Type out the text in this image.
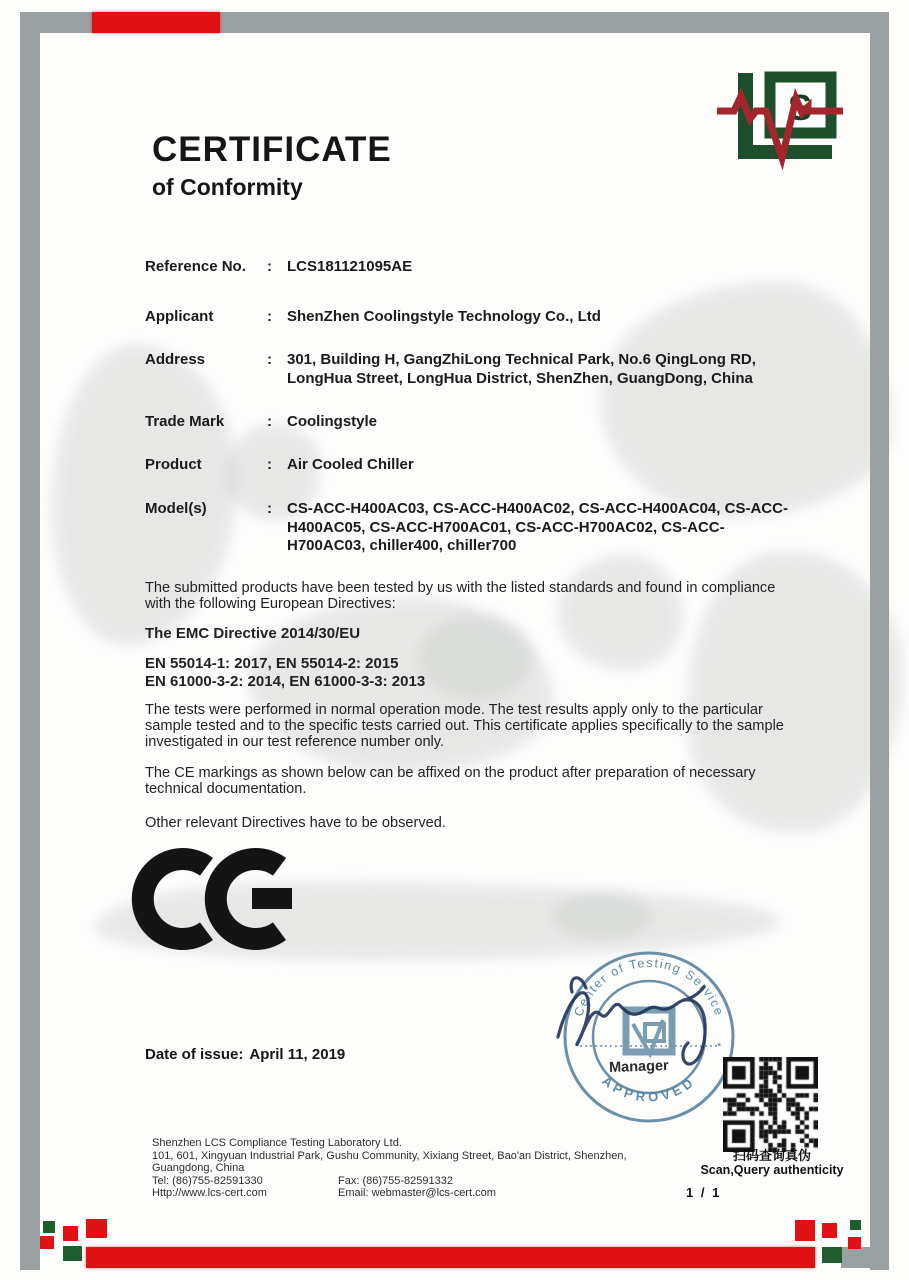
S
CERTIFICATE
of Conformity
Reference No.	:	LCS181121095AE
Applicant	:	ShenZhen Coolingstyle Technology Co., Ltd
Address	:	301, Building H, GangZhiLong Technical Park, No.6 QingLong RD, LongHua Street, LongHua District, ShenZhen, GuangDong, China
Trade Mark	:	Coolingstyle
Product	:	Air Cooled Chiller
Model(s)	:	CS-ACC-H400AC03, CS-ACC-H400AC02, CS-ACC-H400AC04, CS-ACC-H400AC05, CS-ACC-H700AC01, CS-ACC-H700AC02, CS-ACC-H700AC03, chiller400, chiller700
The submitted products have been tested by us with the listed standards and found in compliance with the following European Directives:
The EMC Directive 2014/30/EU
EN 55014-1: 2017, EN 55014-2: 2015
EN 61000-3-2: 2014, EN 61000-3-3: 2013
The tests were performed in normal operation mode. The test results apply only to the particular sample tested and to the specific tests carried out. This certificate applies specifically to the sample investigated in our test reference number only.
The CE markings as shown below can be affixed on the product after preparation of necessary technical documentation.
Other relevant Directives have to be observed.
Center of Testing Service
APPROVED
*	*
Manager
Date of issue: April 11, 2019
扫码查询真伪
Scan,Query authenticity
Shenzhen LCS Compliance Testing Laboratory Ltd.
101, 601, Xingyuan Industrial Park, Gushu Community, Xixiang Street, Bao'an District, Shenzhen,
Guangdong, China
Tel: (86)755-82591330	Fax: (86)755-82591332
Http://www.lcs-cert.com	Email: webmaster@lcs-cert.com	1 / 1
